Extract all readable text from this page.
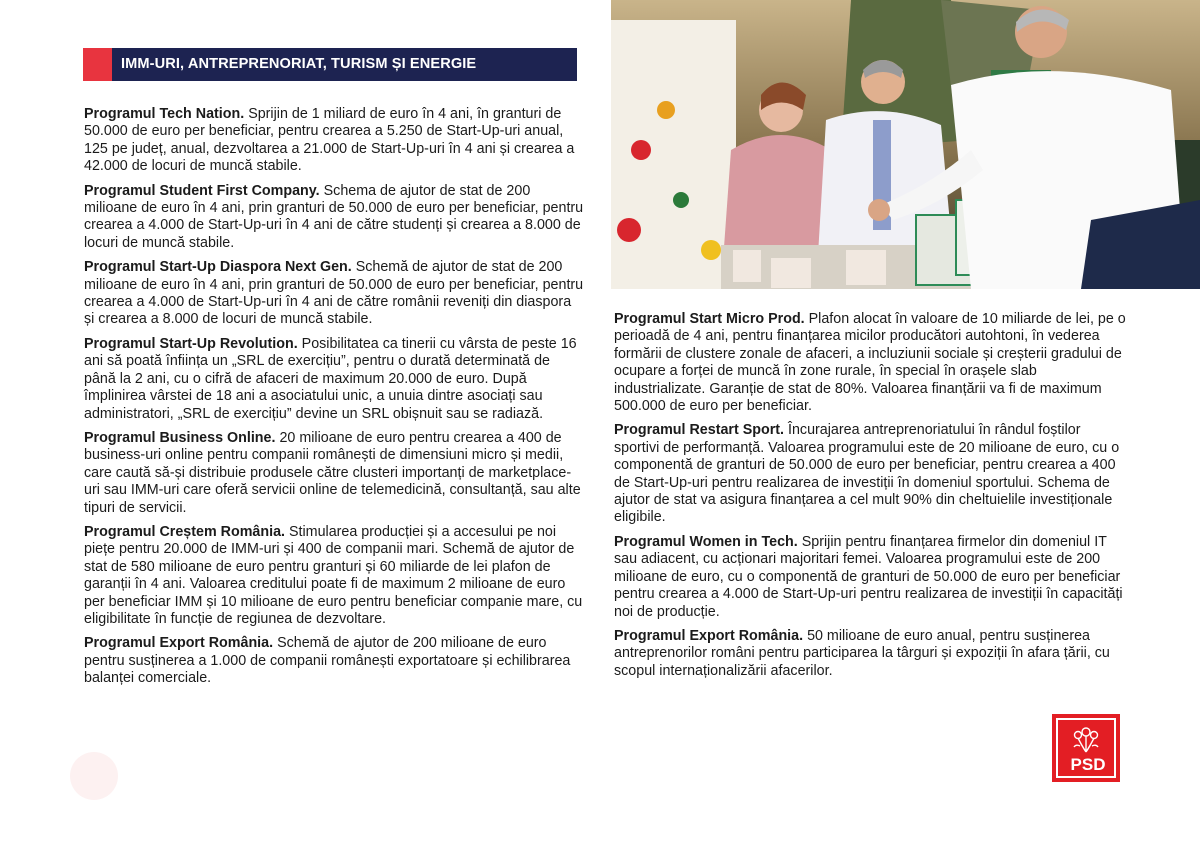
IMM-URI, ANTREPRENORIAT, TURISM ȘI ENERGIE

Programul Tech Nation. Sprijin de 1 miliard de euro în 4 ani, în granturi de 50.000 de euro per beneficiar, pentru crearea a 5.250 de Start-Up-uri anual, 125 pe județ, anual, dezvoltarea a 21.000 de Start-Up-uri în 4 ani și crearea a 42.000 de locuri de muncă stabile.

Programul Student First Company. Schema de ajutor de stat de 200 milioane de euro în 4 ani, prin granturi de 50.000 de euro per beneficiar, pentru crearea a 4.000 de Start-Up-uri în 4 ani de către studenți și crearea a 8.000 de locuri de muncă stabile.

Programul Start-Up Diaspora Next Gen. Schemă de ajutor de stat de 200 milioane de euro în 4 ani, prin granturi de 50.000 de euro per beneficiar, pentru crearea a 4.000 de Start-Up-uri în 4 ani de către românii reveniți din diaspora și crearea a 8.000 de locuri de muncă stabile.

Programul Start-Up Revolution. Posibilitatea ca tinerii cu vârsta de peste 16 ani să poată înființa un „SRL de exercițiu”, pentru o durată determinată de până la 2 ani, cu o cifră de afaceri de maximum 20.000 de euro. După împlinirea vârstei de 18 ani a asociatului unic, a unuia dintre asociați sau administratori, „SRL de exercițiu” devine un SRL obișnuit sau se radiază.

Programul Business Online. 20 milioane de euro pentru crearea a 400 de business-uri online pentru companii românești de dimensiuni micro și medii, care caută să-și distribuie produsele către clusteri importanți de marketplace-uri sau IMM-uri care oferă servicii online de telemedicină, consultanță, sau alte tipuri de servicii.

Programul Creștem România. Stimularea producției și a accesului pe noi piețe pentru 20.000 de IMM-uri și 400 de companii mari. Schemă de ajutor de stat de 580 milioane de euro pentru granturi și 60 miliarde de lei plafon de garanții în 4 ani. Valoarea creditului poate fi de maximum 2 milioane de euro per beneficiar IMM și 10 milioane de euro pentru beneficiar companie mare, cu eligibilitate în funcție de regiunea de dezvoltare.

Programul Export România. Schemă de ajutor de 200 milioane de euro pentru susținerea a 1.000 de companii românești exportatoare și echilibrarea balanței comerciale.

Programul Start Micro Prod. Plafon alocat în valoare de 10 miliarde de lei, pe o perioadă de 4 ani, pentru finanțarea micilor producători autohtoni, în vederea formării de clustere zonale de afaceri, a incluziunii sociale și creșterii gradului de ocupare a forței de muncă în zone rurale, în special în orașele slab industrializate. Garanție de stat de 80%. Valoarea finanțării va fi de maximum 500.000 de euro per beneficiar.

Programul Restart Sport. Încurajarea antreprenoriatului în rândul foștilor sportivi de performanță. Valoarea programului este de 20 milioane de euro, cu o componentă de granturi de 50.000 de euro per beneficiar, pentru crearea a 400 de Start-Up-uri pentru realizarea de investiții în domeniul sportului. Schema de ajutor de stat va asigura finanțarea a cel mult 90% din cheltuielile investiționale eligibile.

Programul Women in Tech. Sprijin pentru finanțarea firmelor din domeniul IT sau adiacent, cu acționari majoritari femei. Valoarea programului este de 200 milioane de euro, cu o componentă de granturi de 50.000 de euro per beneficiar pentru crearea a 4.000 de Start-Up-uri pentru realizarea de investiții în capacități noi de producție.

Programul Export România. 50 milioane de euro anual, pentru susținerea antreprenorilor români pentru participarea la târguri și expoziții în afara țării, cu scopul internaționalizării afacerilor.

PSD
